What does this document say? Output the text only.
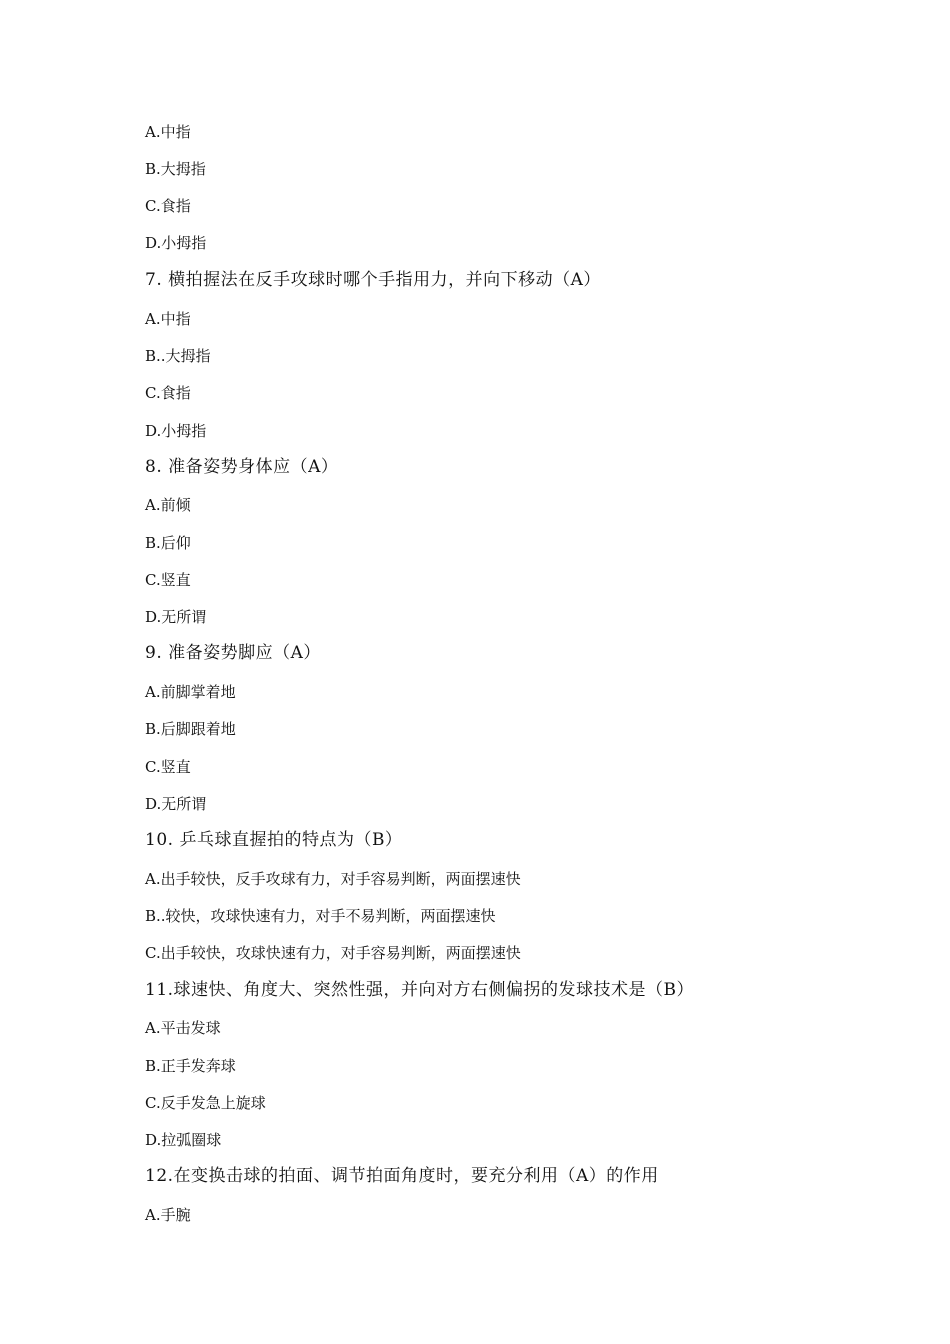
A.中指
B.大拇指
C.食指
D.小拇指
7. 横拍握法在反手攻球时哪个手指用力，并向下移动（A）
A.中指
B..大拇指
C.食指
D.小拇指
8. 准备姿势身体应（A）
A.前倾
B.后仰
C.竖直
D.无所谓
9. 准备姿势脚应（A）
A.前脚掌着地
B.后脚跟着地
C.竖直
D.无所谓
10. 乒乓球直握拍的特点为（B）
A.出手较快，反手攻球有力，对手容易判断，两面摆速快
B..较快，攻球快速有力，对手不易判断，两面摆速快
C.出手较快，攻球快速有力，对手容易判断，两面摆速快
11.球速快、角度大、突然性强，并向对方右侧偏拐的发球技术是（B）
A.平击发球
B.正手发奔球
C.反手发急上旋球
D.拉弧圈球
12.在变换击球的拍面、调节拍面角度时，要充分利用（A）的作用
A.手腕
